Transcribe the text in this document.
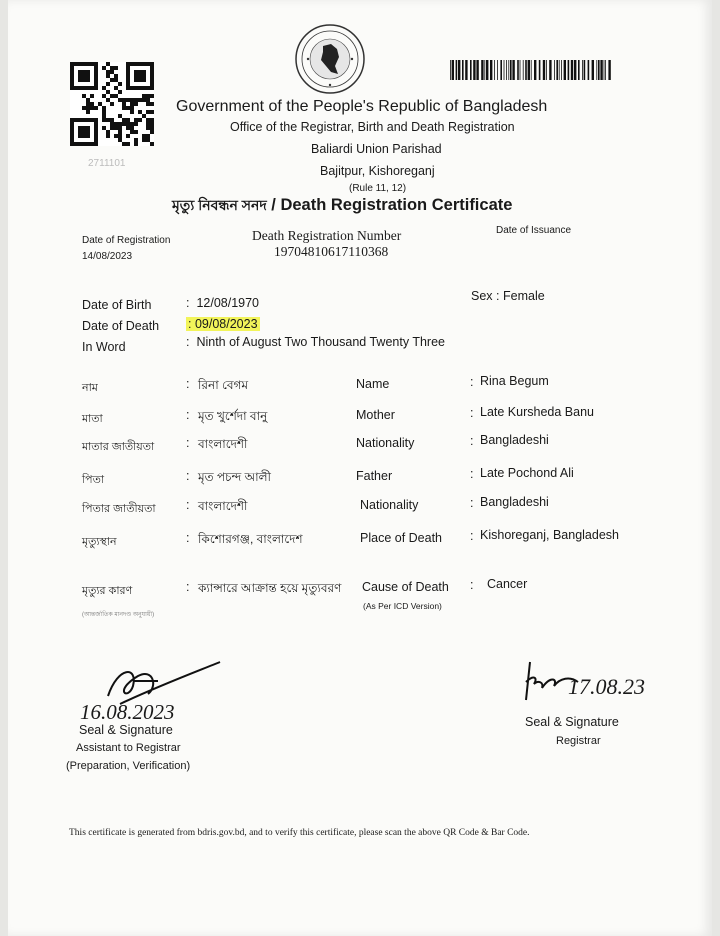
2711101
Government of the People's Republic of Bangladesh
Office of the Registrar, Birth and Death Registration
Baliardi Union Parishad
Bajitpur, Kishoreganj
(Rule 11, 12)
মৃত্যু নিবন্ধন সনদ / Death Registration Certificate
Date of Registration
14/08/2023
Death Registration Number
19704810617110368
Date of Issuance
Date of Birth	: 12/08/1970
Date of Death : 09/08/2023
In Word	: Ninth of August Two Thousand Twenty Three
Sex : Female
নাম	: রিনা বেগম	Name	: Rina Begum
মাতা	: মৃত খুর্শেদা বানু	Mother	: Late Kursheda Banu
মাতার জাতীয়তা	: বাংলাদেশী	Nationality	: Bangladeshi
পিতা	: মৃত পচন্দ আলী	Father	: Late Pochond Ali
পিতার জাতীয়তা : বাংলাদেশী	Nationality	: Bangladeshi
মৃত্যুস্থান	: কিশোরগঞ্জ, বাংলাদেশ	Place of Death : Kishoreganj, Bangladesh
মৃত্যুর কারণ	: ক্যান্সারে আক্রান্ত হয়ে মৃত্যুবরণ Cause of Death : Cancer
(As Per ICD Version)
(আন্তর্জাতিক মানদণ্ড অনুযায়ী)
16.08.2023
Seal & Signature
Assistant to Registrar
(Preparation, Verification)
17.08.23
Seal & Signature
Registrar
This certificate is generated from bdris.gov.bd, and to verify this certificate, please scan the above QR Code & Bar Code.
